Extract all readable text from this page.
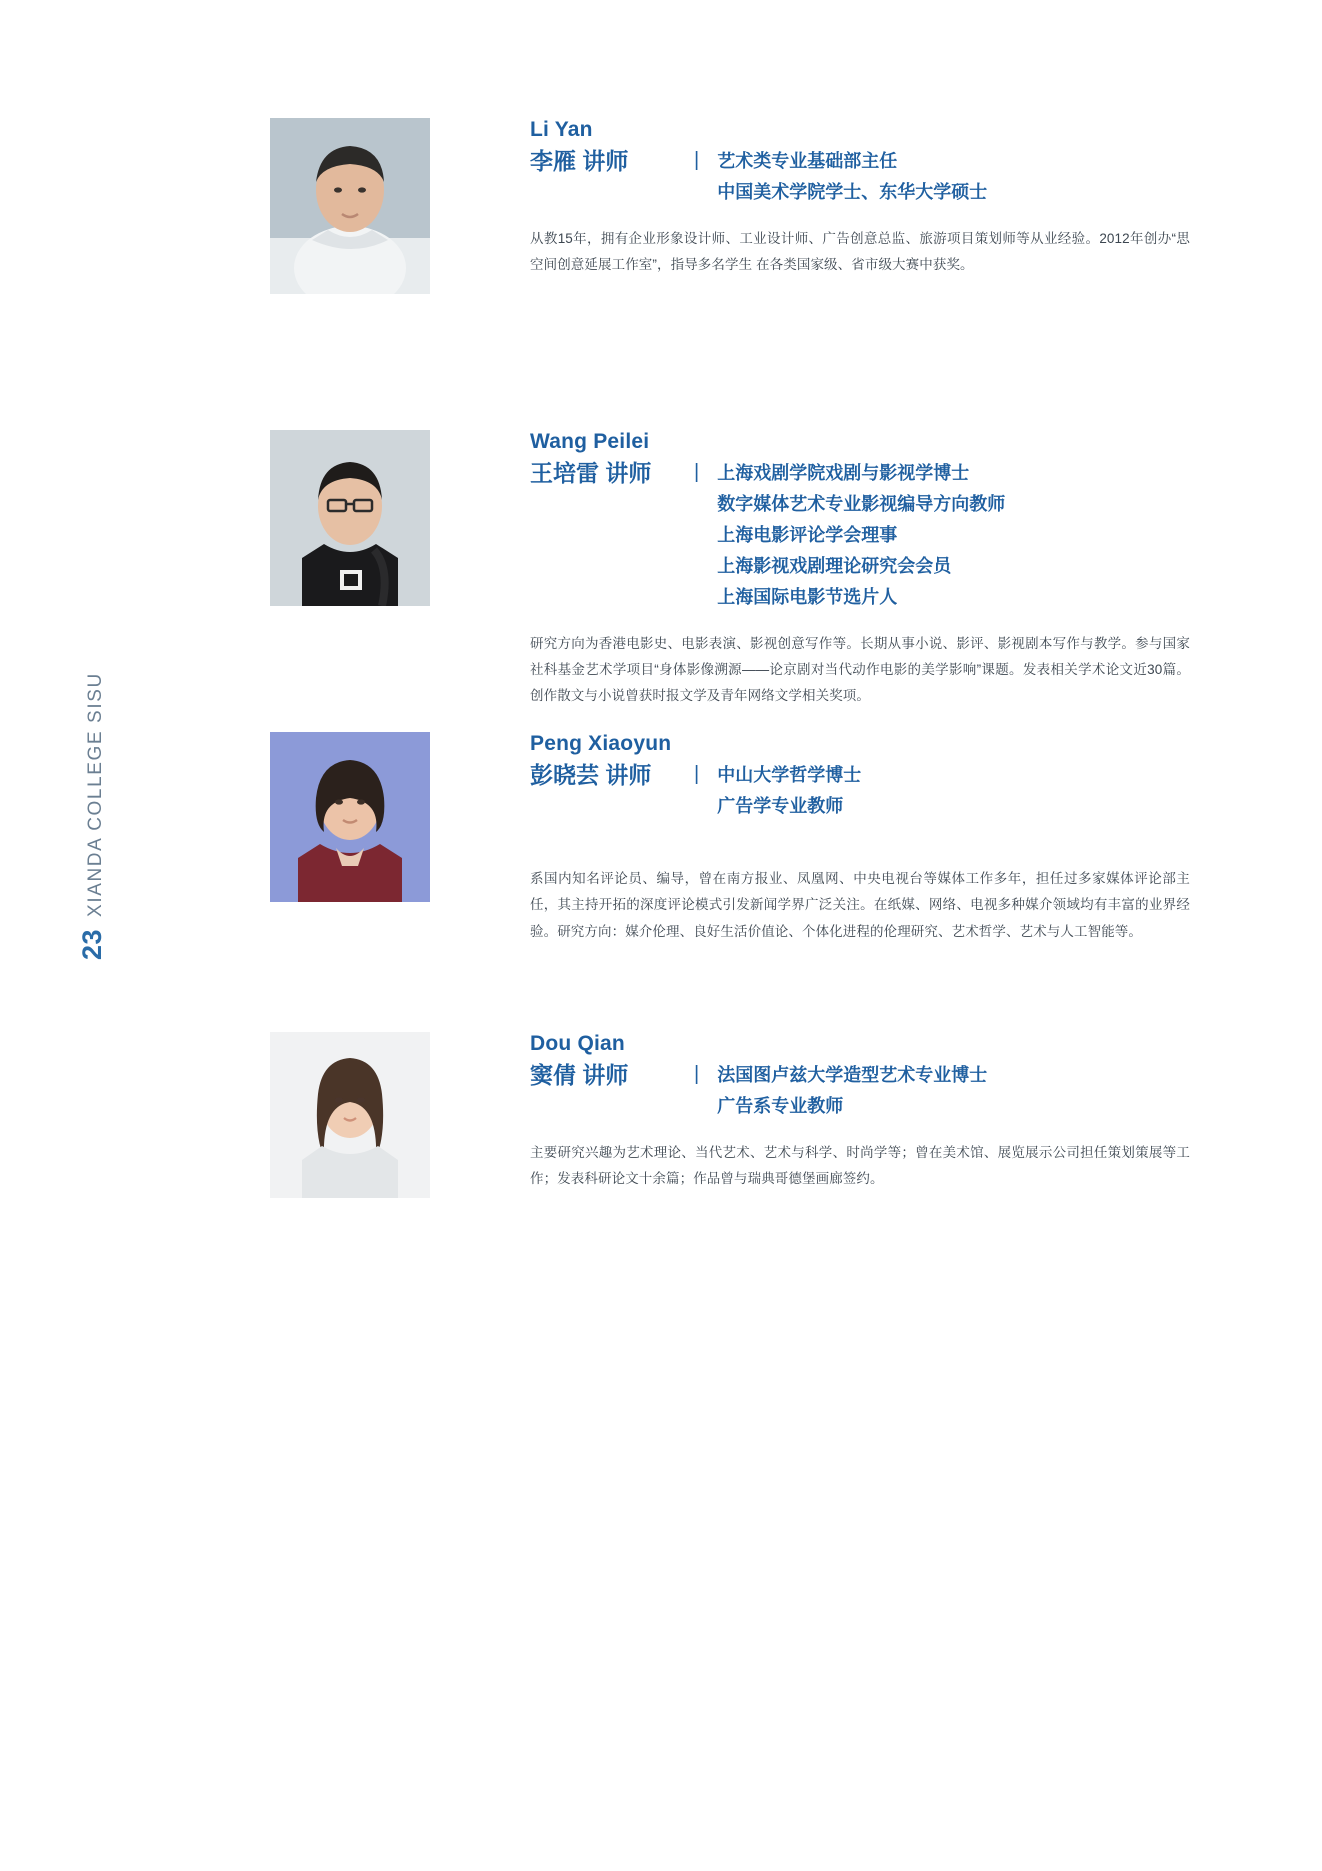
23
XIANDA COLLEGE SISU
Li Yan
李雁 讲师	| 艺术类专业基础部主任
中国美术学院学士、东华大学硕士
从教15年，拥有企业形象设计师、工业设计师、广告创意总监、旅游项目策划师等从业经验。2012年创办“思空间创意延展工作室”，指导多名学生 在各类国家级、省市级大赛中获奖。
Wang Peilei
王培雷 讲师	| 上海戏剧学院戏剧与影视学博士
数字媒体艺术专业影视编导方向教师
上海电影评论学会理事
上海影视戏剧理论研究会会员
上海国际电影节选片人
研究方向为香港电影史、电影表演、影视创意写作等。长期从事小说、影评、影视剧本写作与教学。参与国家社科基金艺术学项目“身体影像溯源——论京剧对当代动作电影的美学影响”课题。发表相关学术论文近30篇。创作散文与小说曾获时报文学及青年网络文学相关奖项。
Peng Xiaoyun
彭晓芸 讲师	| 中山大学哲学博士
广告学专业教师
系国内知名评论员、编导，曾在南方报业、凤凰网、中央电视台等媒体工作多年，担任过多家媒体评论部主任，其主持开拓的深度评论模式引发新闻学界广泛关注。在纸媒、网络、电视多种媒介领域均有丰富的业界经验。研究方向：媒介伦理、良好生活价值论、个体化进程的伦理研究、艺术哲学、艺术与人工智能等。
Dou Qian
窦倩 讲师	| 法国图卢兹大学造型艺术专业博士
广告系专业教师
主要研究兴趣为艺术理论、当代艺术、艺术与科学、时尚学等；曾在美术馆、展览展示公司担任策划策展等工作；发表科研论文十余篇；作品曾与瑞典哥德堡画廊签约。
